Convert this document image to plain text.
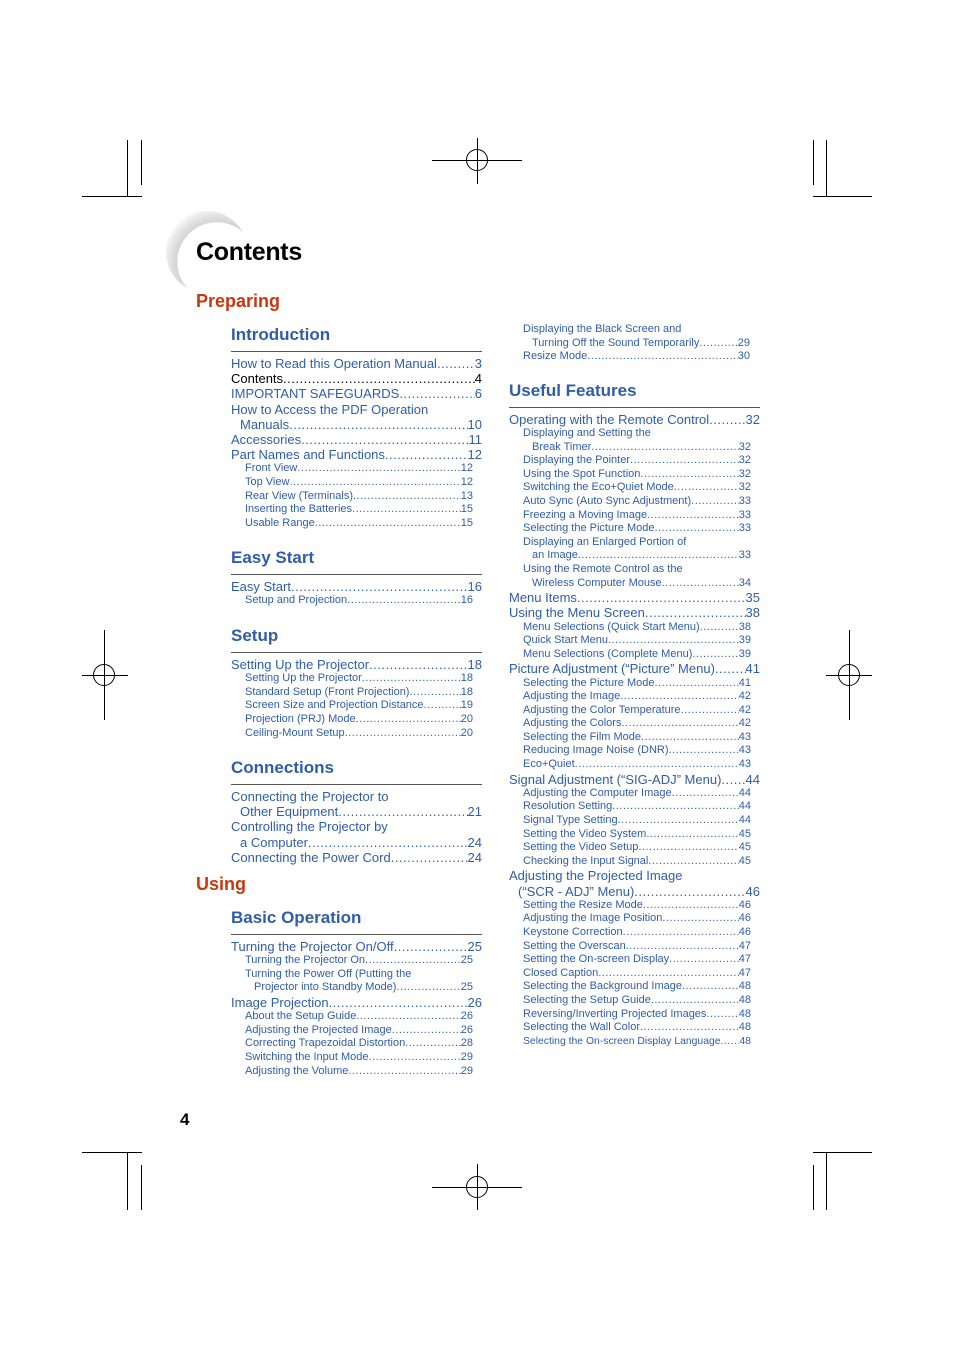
Contents
Preparing
Using
Introduction
How to Read this Operation Manual .....	3
Contents .....	4
IMPORTANT SAFEGUARDS .....	6
How to Access the PDF Operation
Manuals .....	10
Accessories .....	11
Part Names and Functions .....	12
Front View .....	12
Top View .....	12
Rear View (Terminals) .....	13
Inserting the Batteries .....	15
Usable Range .....	15
Easy Start
Easy Start .....	16
Setup and Projection .....	16
Setup
Setting Up the Projector .....	18
Setting Up the Projector .....	18
Standard Setup (Front Projection) .....	18
Screen Size and Projection Distance .....	19
Projection (PRJ) Mode .....	20
Ceiling-Mount Setup .....	20
Connections
Connecting the Projector to
Other Equipment .....	21
Controlling the Projector by
a Computer .....	24
Connecting the Power Cord .....	24
Basic Operation
Turning the Projector On/Off .....	25
Turning the Projector On .....	25
Turning the Power Off (Putting the
Projector into Standby Mode) .....	25
Image Projection .....	26
About the Setup Guide .....	26
Adjusting the Projected Image .....	26
Correcting Trapezoidal Distortion .....	28
Switching the Input Mode .....	29
Adjusting the Volume .....	29
Displaying the Black Screen and
Turning Off the Sound Temporarily .....	29
Resize Mode .....	30
Useful Features
Operating with the Remote Control .....	32
Displaying and Setting the
Break Timer .....	32
Displaying the Pointer .....	32
Using the Spot Function .....	32
Switching the Eco+Quiet Mode .....	32
Auto Sync (Auto Sync Adjustment) .....	33
Freezing a Moving Image .....	33
Selecting the Picture Mode .....	33
Displaying an Enlarged Portion of
an Image .....	33
Using the Remote Control as the
Wireless Computer Mouse .....	34
Menu Items .....	35
Using the Menu Screen .....	38
Menu Selections (Quick Start Menu) .....	38
Quick Start Menu .....	39
Menu Selections (Complete Menu) .....	39
Picture Adjustment (“Picture” Menu) ..... 41
Selecting the Picture Mode .....	41
Adjusting the Image .....	42
Adjusting the Color Temperature .....	42
Adjusting the Colors .....	42
Selecting the Film Mode .....	43
Reducing Image Noise (DNR) .....	43
Eco+Quiet .....	43
Signal Adjustment (“SIG-ADJ” Menu) ..... 44
Adjusting the Computer Image .....	44
Resolution Setting .....	44
Signal Type Setting .....	44
Setting the Video System .....	45
Setting the Video Setup .....	45
Checking the Input Signal .....	45
Adjusting the Projected Image
(“SCR - ADJ” Menu) .....	46
Setting the Resize Mode .....	46
Adjusting the Image Position .....	46
Keystone Correction .....	46
Setting the Overscan .....	47
Setting the On-screen Display .....	47
Closed Caption .....	47
Selecting the Background Image .....	48
Selecting the Setup Guide .....	48
Reversing/Inverting Projected Images .....	48
Selecting the Wall Color .....	48
Selecting the On-screen Display Language ..... 48

4
